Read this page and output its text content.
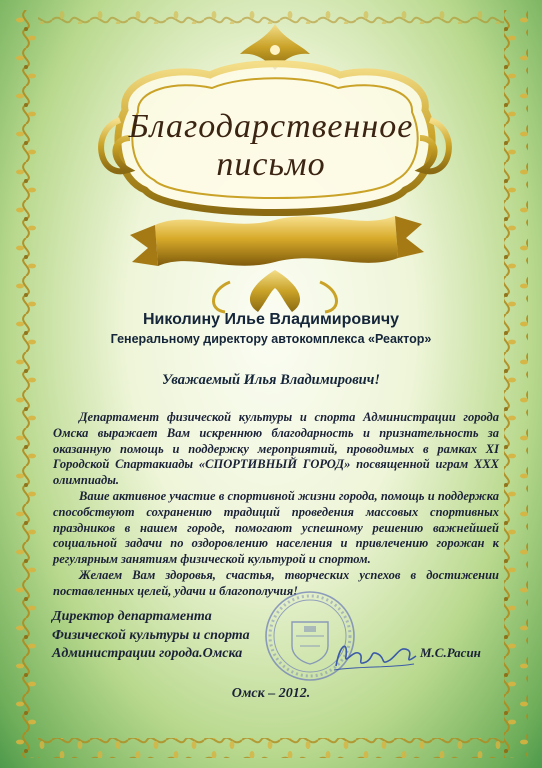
Благодарственное
письмо
Николину Илье Владимировичу
Генеральному директору автокомплекса «Реактор»
Уважаемый Илья Владимирович!

Департамент физической культуры и спорта Администрации города Омска выражает Вам искреннюю благодарность и признательность за оказанную помощь и поддержку мероприятий, проводимых в рамках XI Городской Спартакиады «СПОРТИВНЫЙ ГОРОД» посвященной играм XXX олимпиады.

Ваше активное участие в спортивной жизни города, помощь и поддержка способствуют сохранению традиций проведения массовых спортивных праздников в нашем городе, помогают успешному решению важнейшей социальной задачи по оздоровлению населения и привлечению горожан к регулярным занятиям физической культурой и спортом.

Желаем Вам здоровья, счастья, творческих успехов в достижении поставленных целей, удачи и благополучия!

Директор департамента
Физической культуры и спорта
Администрации города.Омска	М.С.Расин
Омск – 2012.
